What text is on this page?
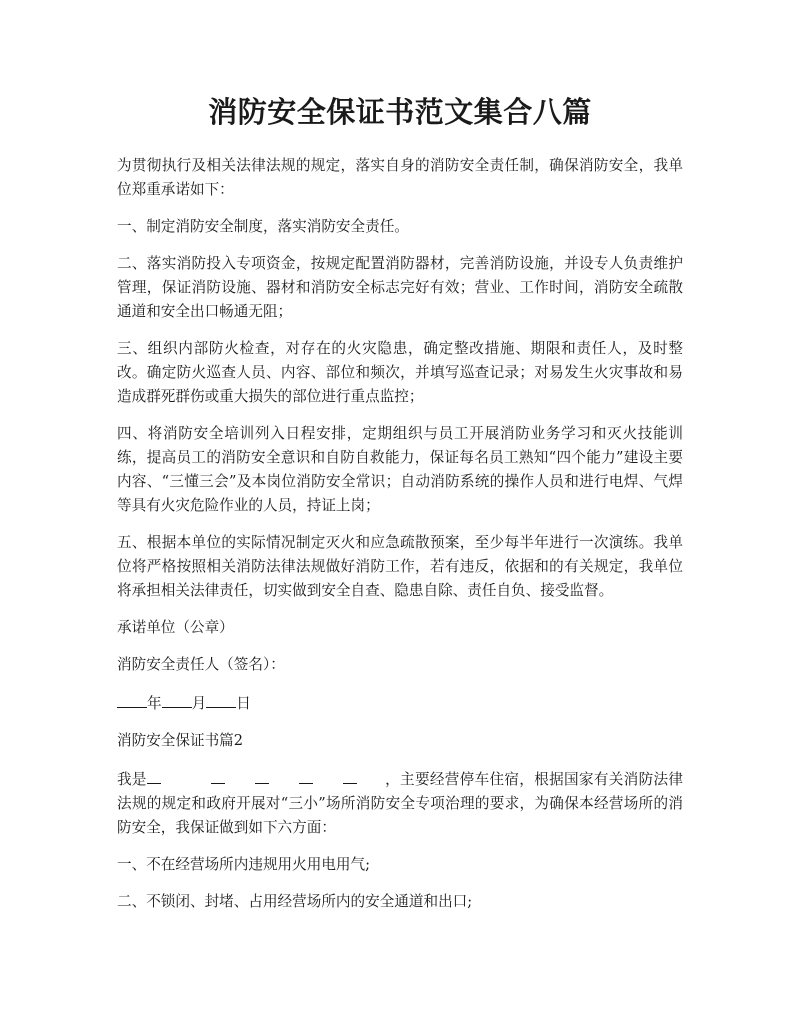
消防安全保证书范文集合八篇

为贯彻执行及相关法律法规的规定，落实自身的消防安全责任制，确保消防安全，我单位郑重承诺如下：

一、制定消防安全制度，落实消防安全责任。

二、落实消防投入专项资金，按规定配置消防器材，完善消防设施，并设专人负责维护管理，保证消防设施、器材和消防安全标志完好有效；营业、工作时间，消防安全疏散通道和安全出口畅通无阻；

三、组织内部防火检查，对存在的火灾隐患，确定整改措施、期限和责任人，及时整改。确定防火巡查人员、内容、部位和频次，并填写巡查记录；对易发生火灾事故和易造成群死群伤或重大损失的部位进行重点监控；

四、将消防安全培训列入日程安排，定期组织与员工开展消防业务学习和灭火技能训练，提高员工的消防安全意识和自防自救能力，保证每名员工熟知“四个能力”建设主要内容、“三懂三会”及本岗位消防安全常识；自动消防系统的操作人员和进行电焊、气焊等具有火灾危险作业的人员，持证上岗；

五、根据本单位的实际情况制定灭火和应急疏散预案，至少每半年进行一次演练。我单位将严格按照相关消防法律法规做好消防工作，若有违反，依据和的有关规定，我单位将承担相关法律责任，切实做到安全自查、隐患自除、责任自负、接受监督。

承诺单位（公章）

消防安全责任人（签名）：

年 月 日

消防安全保证书篇2

我是	，主要经营停车住宿，根据国家有关消防法律法规的规定和政府开展对“三小”场所消防安全专项治理的要求，为确保本经营场所的消防安全，我保证做到如下六方面：

一、不在经营场所内违规用火用电用气;

二、不锁闭、封堵、占用经营场所内的安全通道和出口;
